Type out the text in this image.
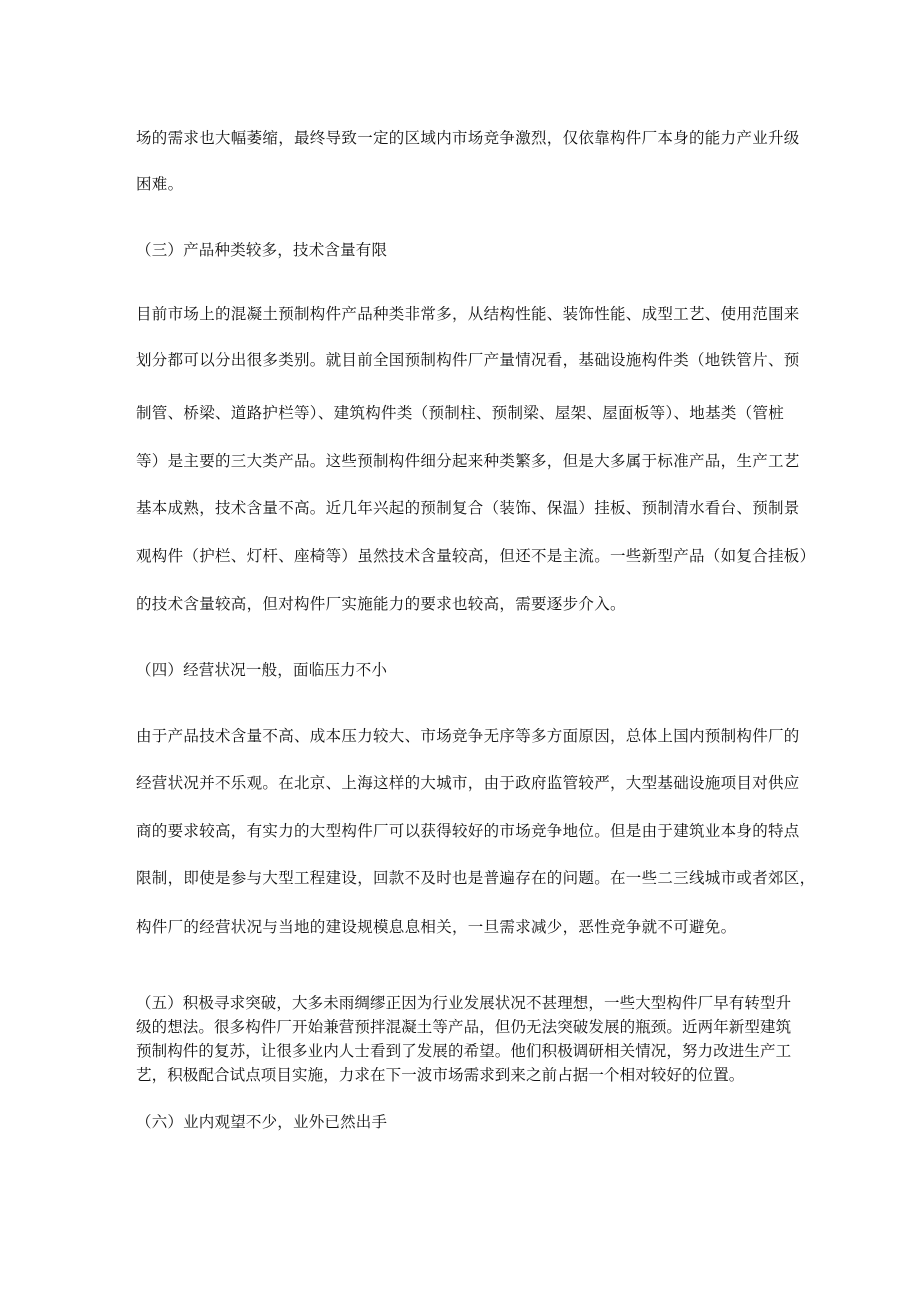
场的需求也大幅萎缩，最终导致一定的区域内市场竞争激烈，仅依靠构件厂本身的能力产业升级
困难。
（三）产品种类较多，技术含量有限
目前市场上的混凝土预制构件产品种类非常多，从结构性能、装饰性能、成型工艺、使用范围来
划分都可以分出很多类别。就目前全国预制构件厂产量情况看，基础设施构件类（地铁管片、预
制管、桥梁、道路护栏等）、建筑构件类（预制柱、预制梁、屋架、屋面板等）、地基类（管桩
等）是主要的三大类产品。这些预制构件细分起来种类繁多，但是大多属于标准产品，生产工艺
基本成熟，技术含量不高。近几年兴起的预制复合（装饰、保温）挂板、预制清水看台、预制景
观构件（护栏、灯杆、座椅等）虽然技术含量较高，但还不是主流。一些新型产品（如复合挂板）
的技术含量较高，但对构件厂实施能力的要求也较高，需要逐步介入。
（四）经营状况一般，面临压力不小
由于产品技术含量不高、成本压力较大、市场竞争无序等多方面原因，总体上国内预制构件厂的
经营状况并不乐观。在北京、上海这样的大城市，由于政府监管较严，大型基础设施项目对供应
商的要求较高，有实力的大型构件厂可以获得较好的市场竞争地位。但是由于建筑业本身的特点
限制，即使是参与大型工程建设，回款不及时也是普遍存在的问题。在一些二三线城市或者郊区，
构件厂的经营状况与当地的建设规模息息相关，一旦需求减少，恶性竞争就不可避免。
（五）积极寻求突破，大多未雨绸缪正因为行业发展状况不甚理想，一些大型构件厂早有转型升
级的想法。很多构件厂开始兼营预拌混凝土等产品，但仍无法突破发展的瓶颈。近两年新型建筑
预制构件的复苏，让很多业内人士看到了发展的希望。他们积极调研相关情况，努力改进生产工
艺，积极配合试点项目实施，力求在下一波市场需求到来之前占据一个相对较好的位置。
（六）业内观望不少，业外已然出手
